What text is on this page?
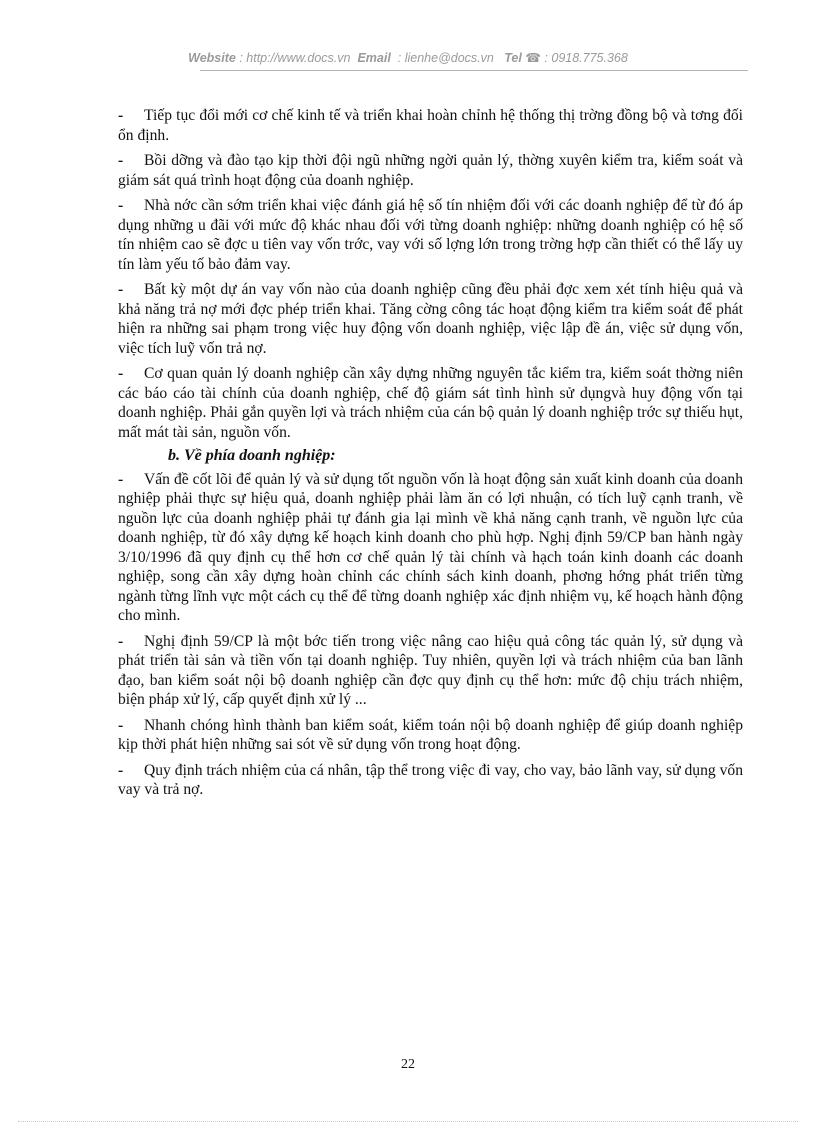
Website : http://www.docs.vn Email : lienhe@docs.vn Tel ☎ : 0918.775.368
- Tiếp tục đổi mới cơ chế kinh tế và triển khai hoàn chỉnh hệ thống thị trờng đồng bộ và tơng đối ổn định.
- Bồi dỡng và đào tạo kịp thời đội ngũ những ngời quản lý, thờng xuyên kiểm tra, kiểm soát và giám sát quá trình hoạt động của doanh nghiệp.
- Nhà nớc cần sớm triển khai việc đánh giá hệ số tín nhiệm đối với các doanh nghiệp để từ đó áp dụng những u đãi với mức độ khác nhau đối với từng doanh nghiệp: những doanh nghiệp có hệ số tín nhiệm cao sẽ đợc u tiên vay vốn trớc, vay với số lợng lớn trong trờng hợp cần thiết có thể lấy uy tín làm yếu tố bảo đảm vay.
- Bất kỳ một dự án vay vốn nào của doanh nghiệp cũng đều phải đợc xem xét tính hiệu quả và khả năng trả nợ mới đợc phép triển khai. Tăng cờng công tác hoạt động kiểm tra kiểm soát để phát hiện ra những sai phạm trong việc huy động vốn doanh nghiệp, việc lập đề án, việc sử dụng vốn, việc tích luỹ vốn trả nợ.
- Cơ quan quản lý doanh nghiệp cần xây dựng những nguyên tắc kiểm tra, kiểm soát thờng niên các báo cáo tài chính của doanh nghiệp, chế độ giám sát tình hình sử dụngvà huy động vốn tại doanh nghiệp. Phải gắn quyền lợi và trách nhiệm của cán bộ quản lý doanh nghiệp trớc sự thiếu hụt, mất mát tài sản, nguồn vốn.
b. Về phía doanh nghiệp:
- Vấn đề cốt lõi để quản lý và sử dụng tốt nguồn vốn là hoạt động sản xuất kinh doanh của doanh nghiệp phải thực sự hiệu quả, doanh nghiệp phải làm ăn có lợi nhuận, có tích luỹ cạnh tranh, về nguồn lực của doanh nghiệp phải tự đánh gia lại mình về khả năng cạnh tranh, về nguồn lực của doanh nghiệp, từ đó xây dựng kế hoạch kinh doanh cho phù hợp. Nghị định 59/CP ban hành ngày 3/10/1996 đã quy định cụ thể hơn cơ chế quản lý tài chính và hạch toán kinh doanh các doanh nghiệp, song cần xây dựng hoàn chỉnh các chính sách kinh doanh, phơng hớng phát triển từng ngành từng lĩnh vực một cách cụ thể để từng doanh nghiệp xác định nhiệm vụ, kế hoạch hành động cho mình.
- Nghị định 59/CP là một bớc tiến trong việc nâng cao hiệu quả công tác quản lý, sử dụng và phát triển tài sản và tiền vốn tại doanh nghiệp. Tuy nhiên, quyền lợi và trách nhiệm của ban lãnh đạo, ban kiểm soát nội bộ doanh nghiệp cần đợc quy định cụ thể hơn: mức độ chịu trách nhiệm, biện pháp xử lý, cấp quyết định xử lý ...
- Nhanh chóng hình thành ban kiểm soát, kiểm toán nội bộ doanh nghiệp để giúp doanh nghiệp kịp thời phát hiện những sai sót về sử dụng vốn trong hoạt động.
- Quy định trách nhiệm của cá nhân, tập thể trong việc đi vay, cho vay, bảo lãnh vay, sử dụng vốn vay và trả nợ.
22
